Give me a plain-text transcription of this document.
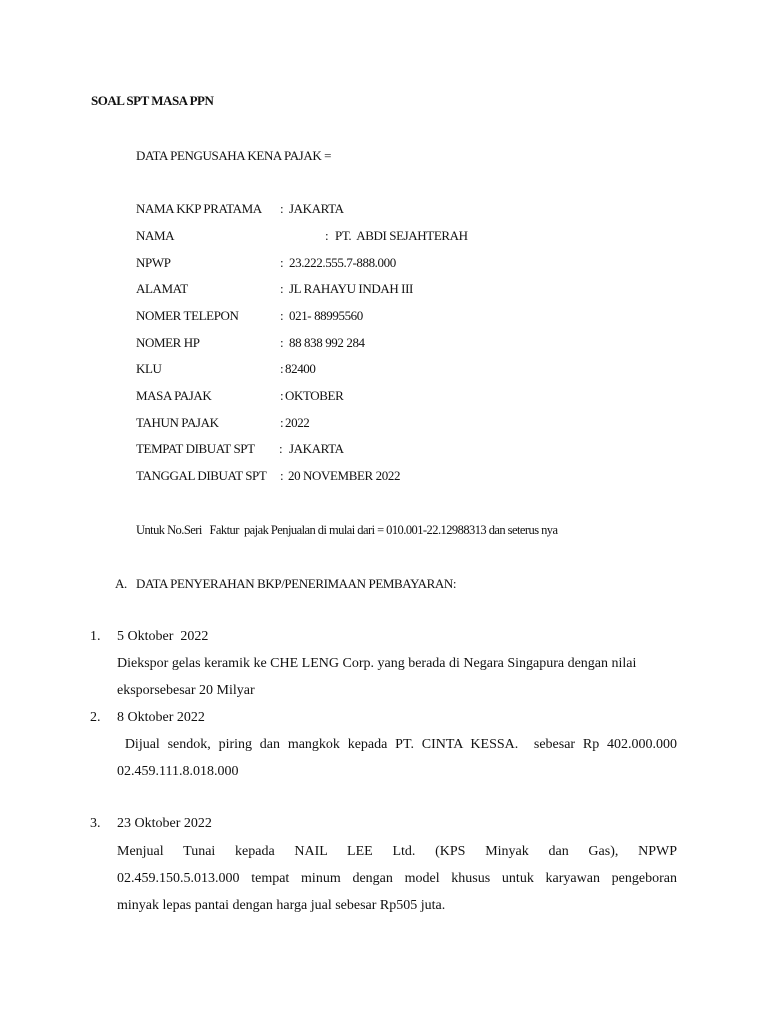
SOAL SPT MASA PPN
DATA PENGUSAHA KENA PAJAK =
NAMA KKP PRATAMA : JAKARTA
NAMA	: PT.  ABDI SEJAHTERAH
NPWP	: 23.222.555.7-888.000
ALAMAT	: JL RAHAYU INDAH III
NOMER TELEPON	: 021- 88995560
NOMER HP	: 88 838 992 284
KLU	: 82400
MASA PAJAK	: OKTOBER
TAHUN PAJAK	: 2022
TEMPAT DIBUAT SPT : JAKARTA
TANGGAL DIBUAT SPT : 20 NOVEMBER 2022
Untuk No.Seri   Faktur  pajak Penjualan di mulai dari = 010.001-22.12988313 dan seterus nya
A. DATA PENYERAHAN BKP/PENERIMAAN PEMBAYARAN:
1. 5 Oktober  2022
Diekspor gelas keramik ke CHE LENG Corp. yang berada di Negara Singapura dengan nilai
eksporsebesar 20 Milyar
2. 8 Oktober 2022
Dijual sendok, piring dan mangkok kepada PT. CINTA KESSA.  sebesar Rp 402.000.000
02.459.111.8.018.000
3. 23 Oktober 2022
Menjual Tunai kepada NAIL LEE Ltd. (KPS Minyak dan Gas), NPWP
02.459.150.5.013.000 tempat minum dengan model khusus untuk karyawan pengeboran
minyak lepas pantai dengan harga jual sebesar Rp505 juta.
